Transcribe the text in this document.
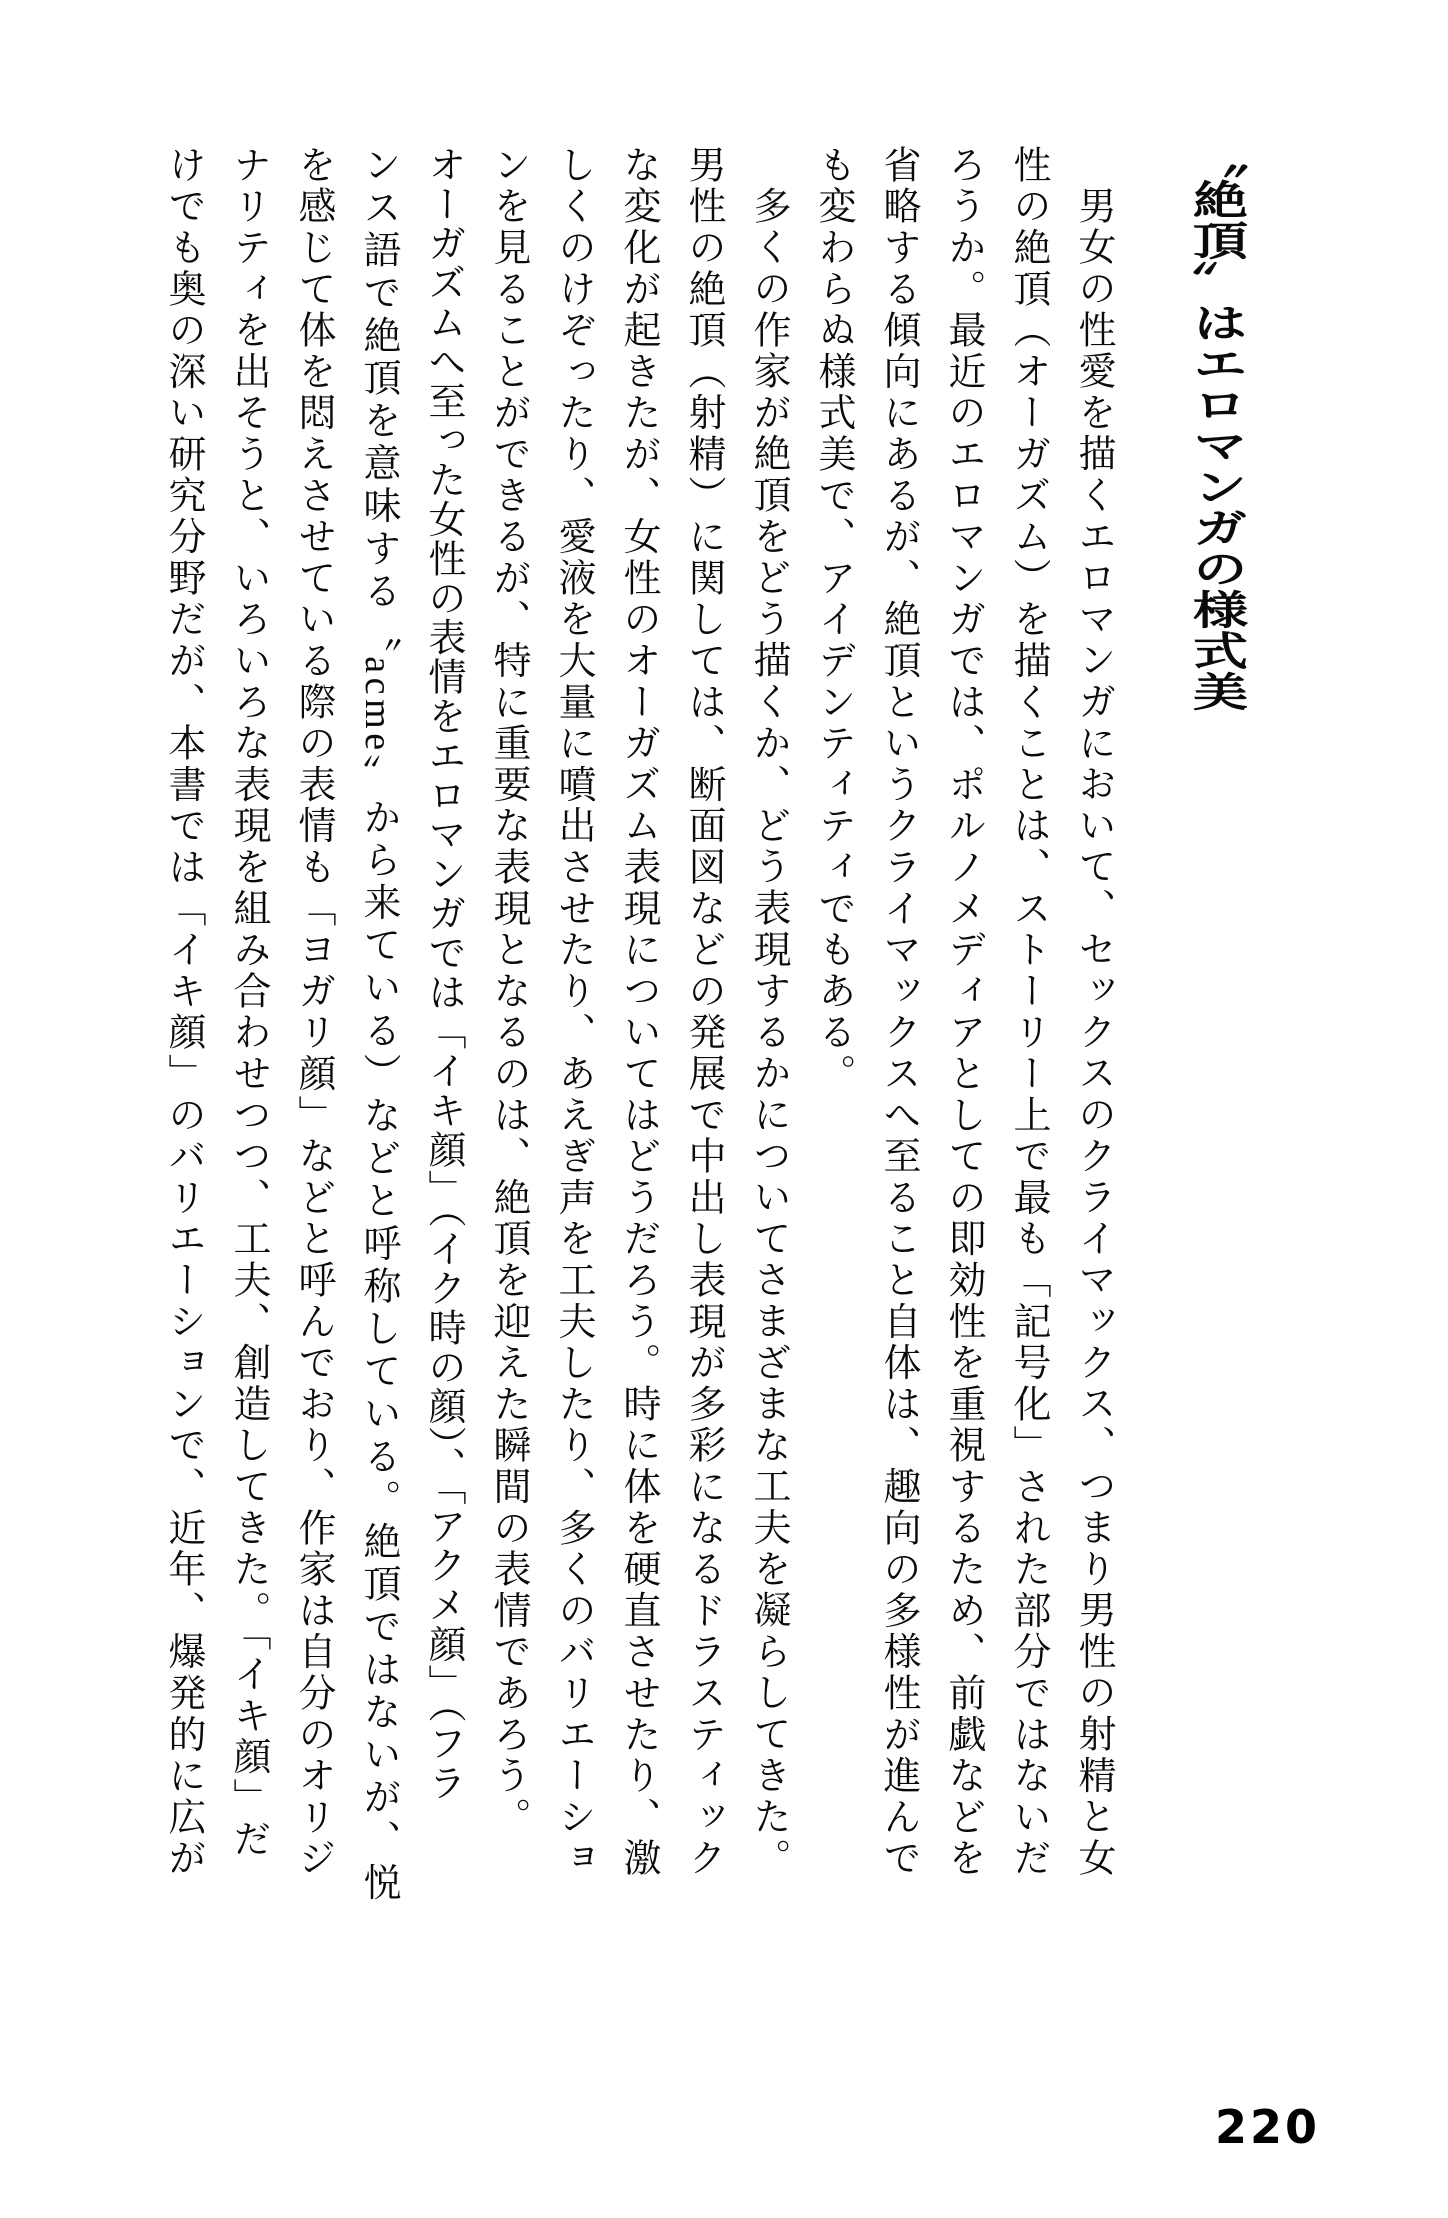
〝絶頂〟はエロマンガの様式美
男女の性愛を描くエロマンガにおいて、セックスのクライマックス、つまり男性の射精と女
性の絶頂（オーガズム）を描くことは、ストーリー上で最も「記号化」された部分ではないだ
ろうか。最近のエロマンガでは、ポルノメディアとしての即効性を重視するため、前戯などを
省略する傾向にあるが、絶頂というクライマックスへ至ること自体は、趣向の多様性が進んで
も変わらぬ様式美で、アイデンティティでもある。
多くの作家が絶頂をどう描くか、どう表現するかについてさまざまな工夫を凝らしてきた。
男性の絶頂（射精）に関しては、断面図などの発展で中出し表現が多彩になるドラスティック
な変化が起きたが、女性のオーガズム表現についてはどうだろう。時に体を硬直させたり、激
しくのけぞったり、愛液を大量に噴出させたり、あえぎ声を工夫したり、多くのバリエーショ
ンを見ることができるが、特に重要な表現となるのは、絶頂を迎えた瞬間の表情であろう。
オーガズムへ至った女性の表情をエロマンガでは「イキ顔」（イク時の顔）、「アクメ顔」（フラ
ンス語で絶頂を意味する〝acme〟から来ている）などと呼称している。絶頂ではないが、悦
を感じて体を悶えさせている際の表情も「ヨガリ顔」などと呼んでおり、作家は自分のオリジ
ナリティを出そうと、いろいろな表現を組み合わせつつ、工夫、創造してきた。「イキ顔」だ
けでも奥の深い研究分野だが、本書では「イキ顔」のバリエーションで、近年、爆発的に広が
220
